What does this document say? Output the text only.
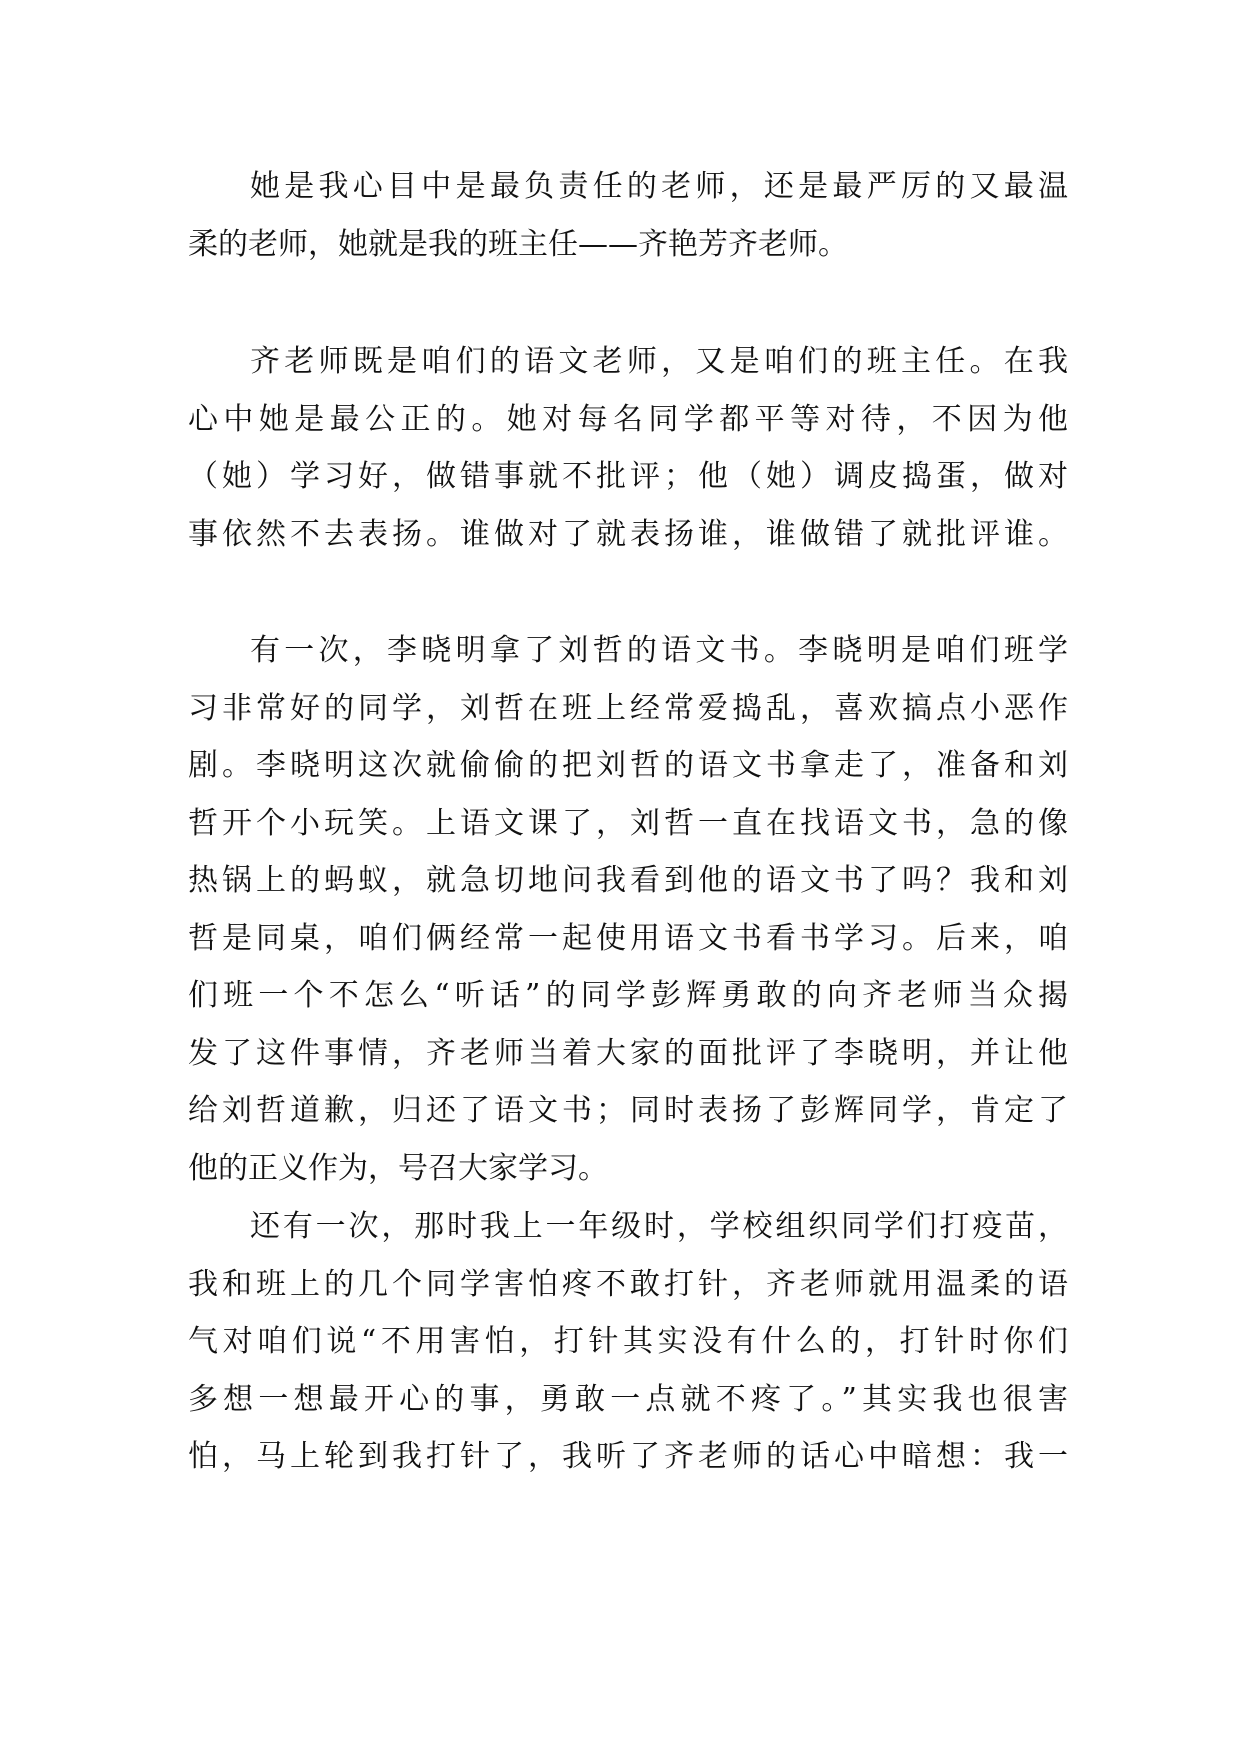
她是我心目中是最负责任的老师，还是最严厉的又最温
柔的老师，她就是我的班主任——齐艳芳齐老师。

齐老师既是咱们的语文老师，又是咱们的班主任。在我
心中她是最公正的。她对每名同学都平等对待，不因为他
（她）学习好，做错事就不批评；他（她）调皮捣蛋，做对
事依然不去表扬。谁做对了就表扬谁，谁做错了就批评谁。

有一次，李晓明拿了刘哲的语文书。李晓明是咱们班学
习非常好的同学，刘哲在班上经常爱捣乱，喜欢搞点小恶作
剧。李晓明这次就偷偷的把刘哲的语文书拿走了，准备和刘
哲开个小玩笑。上语文课了，刘哲一直在找语文书，急的像
热锅上的蚂蚁，就急切地问我看到他的语文书了吗？我和刘
哲是同桌，咱们俩经常一起使用语文书看书学习。后来，咱
们班一个不怎么“听话”的同学彭辉勇敢的向齐老师当众揭
发了这件事情，齐老师当着大家的面批评了李晓明，并让他
给刘哲道歉，归还了语文书；同时表扬了彭辉同学，肯定了
他的正义作为，号召大家学习。

还有一次，那时我上一年级时，学校组织同学们打疫苗，
我和班上的几个同学害怕疼不敢打针，齐老师就用温柔的语
气对咱们说“不用害怕，打针其实没有什么的，打针时你们
多想一想最开心的事，勇敢一点就不疼了。”其实我也很害
怕，马上轮到我打针了，我听了齐老师的话心中暗想：我一
